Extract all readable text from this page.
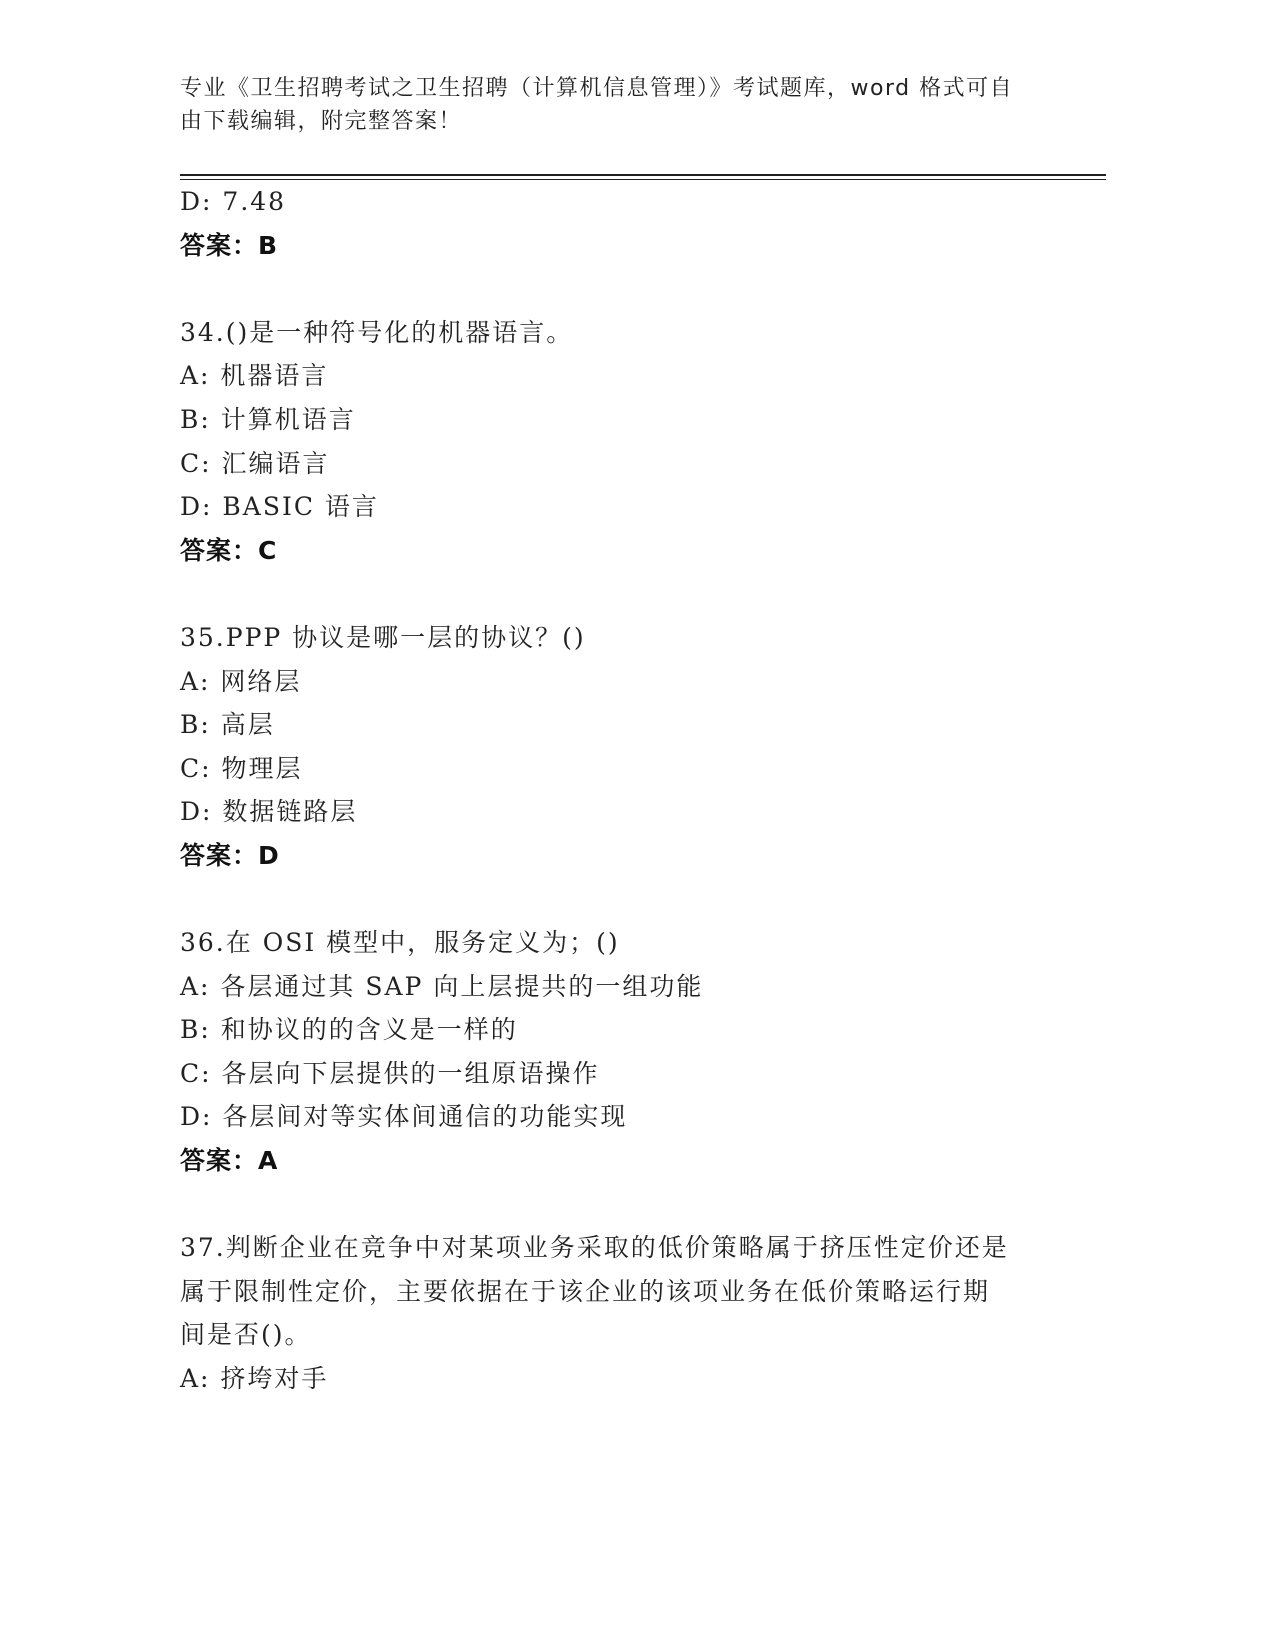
专业《卫生招聘考试之卫生招聘（计算机信息管理）》考试题库，word 格式可自
由下载编辑，附完整答案！
D: 7.48
答案：B
34.()是一种符号化的机器语言。
A: 机器语言
B: 计算机语言
C: 汇编语言
D: BASIC 语言
答案：C
35.PPP 协议是哪一层的协议？()
A: 网络层
B: 高层
C: 物理层
D: 数据链路层
答案：D
36.在 OSI 模型中，服务定义为；()
A: 各层通过其 SAP 向上层提共的一组功能
B: 和协议的的含义是一样的
C: 各层向下层提供的一组原语操作
D: 各层间对等实体间通信的功能实现
答案：A
37.判断企业在竞争中对某项业务采取的低价策略属于挤压性定价还是
属于限制性定价，主要依据在于该企业的该项业务在低价策略运行期
间是否()。
A: 挤垮对手
